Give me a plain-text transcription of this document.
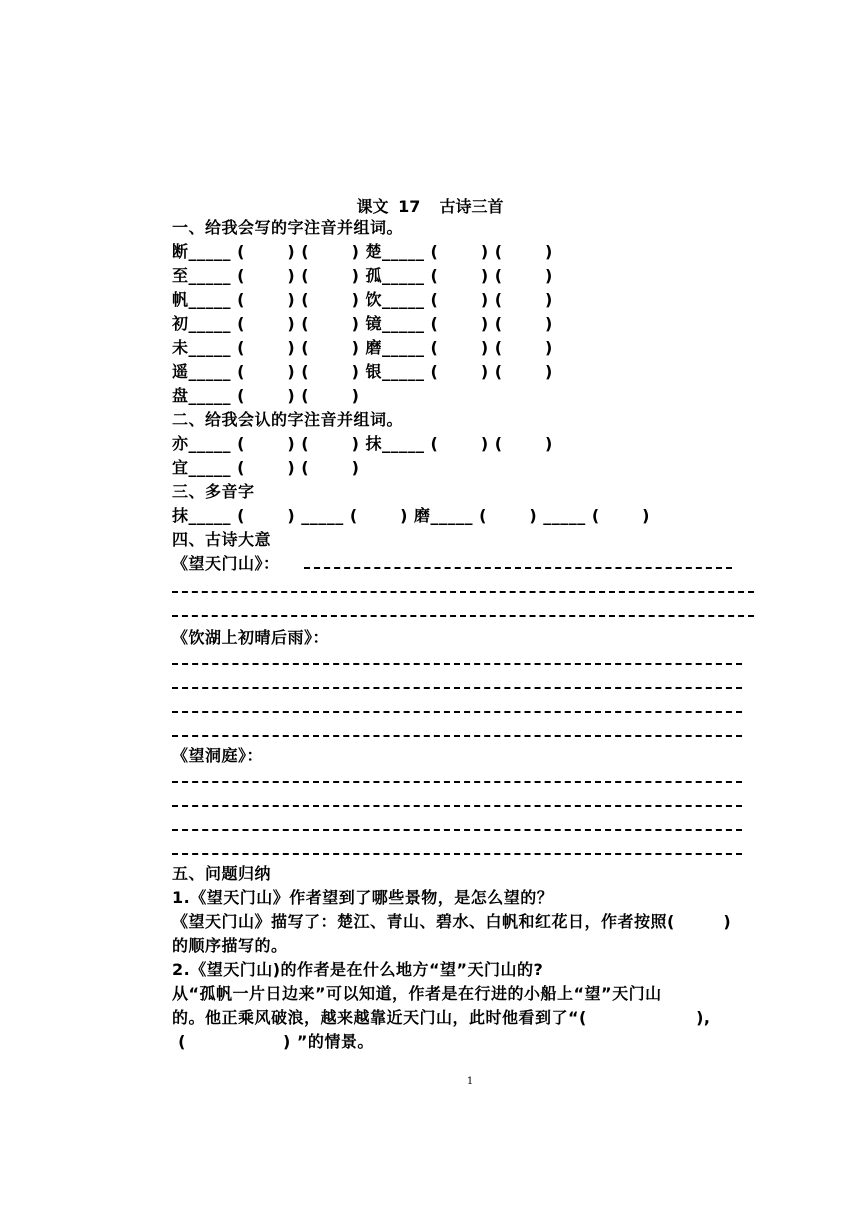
课文 17  古诗三首
一、给我会写的字注音并组词。
断_____ (       ) (       ) 楚_____ (       ) (       )
至_____ (       ) (       ) 孤_____ (       ) (       )
帆_____ (       ) (       ) 饮_____ (       ) (       )
初_____ (       ) (       ) 镜_____ (       ) (       )
未_____ (       ) (       ) 磨_____ (       ) (       )
遥_____ (       ) (       ) 银_____ (       ) (       )
盘_____ (       ) (       )
二、给我会认的字注音并组词。
亦_____ (       ) (       ) 抹_____ (       ) (       )
宜_____ (       ) (       )
三、多音字
抹_____ (       ) _____ (       ) 磨_____ (       ) _____ (       )
四、古诗大意
《望天门山》：
《饮湖上初晴后雨》：
《望洞庭》：
五、问题归纳
1.《望天门山》作者望到了哪些景物，是怎么望的？
《望天门山》描写了：楚江、青山、碧水、白帆和红花日，作者按照(        )
的顺序描写的。
2.《望天门山)的作者是在什么地方“望”天门山的?
从“孤帆一片日边来”可以知道，作者是在行进的小船上“望”天门山
的。他正乘风破浪，越来越靠近天门山，此时他看到了“(                  ),
(                ) ”的情景。
1
